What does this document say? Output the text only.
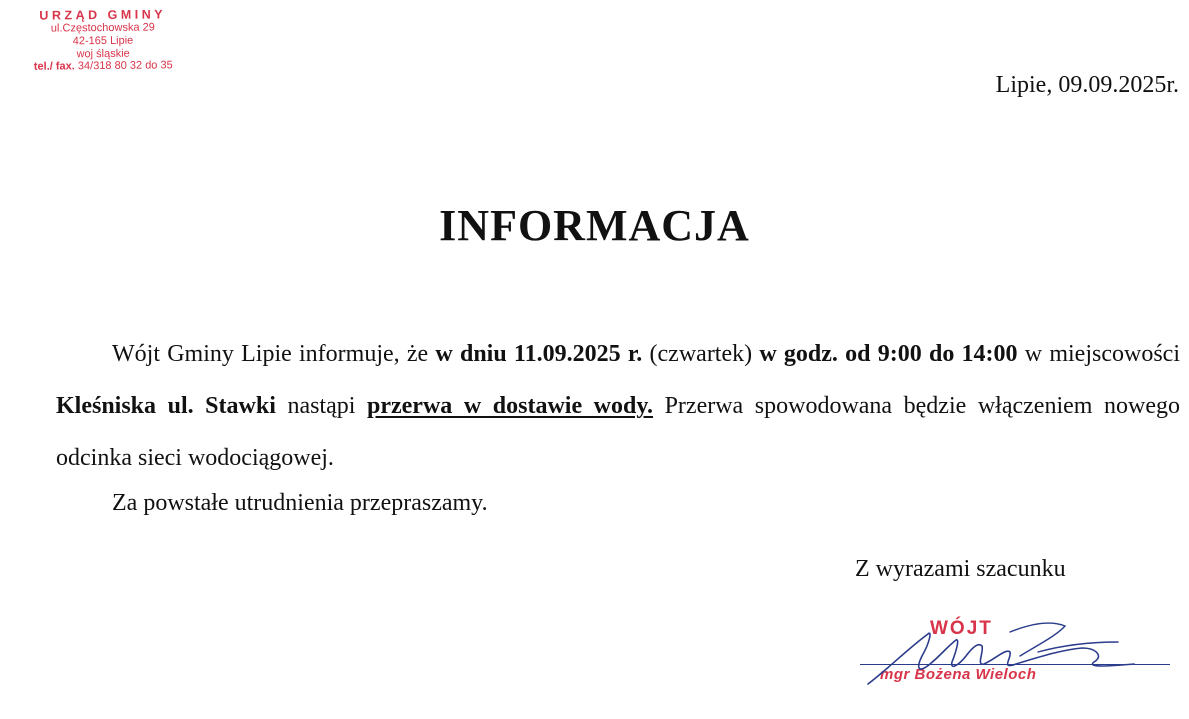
URZĄD GMINY
ul.Częstochowska 29
42-165 Lipie
woj śląskie
tel./ fax. 34/318 80 32 do 35
Lipie, 09.09.2025r.
INFORMACJA

Wójt Gminy Lipie informuje, że w dniu 11.09.2025 r. (czwartek) w godz. od 9:00 do 14:00 w miejscowości Kleśniska ul. Stawki nastąpi przerwa w dostawie wody. Przerwa spowodowana będzie włączeniem nowego odcinka sieci wodociągowej.

Za powstałe utrudnienia przepraszamy.

Z wyrazami szacunku

WÓJT
mgr Bożena Wieloch
